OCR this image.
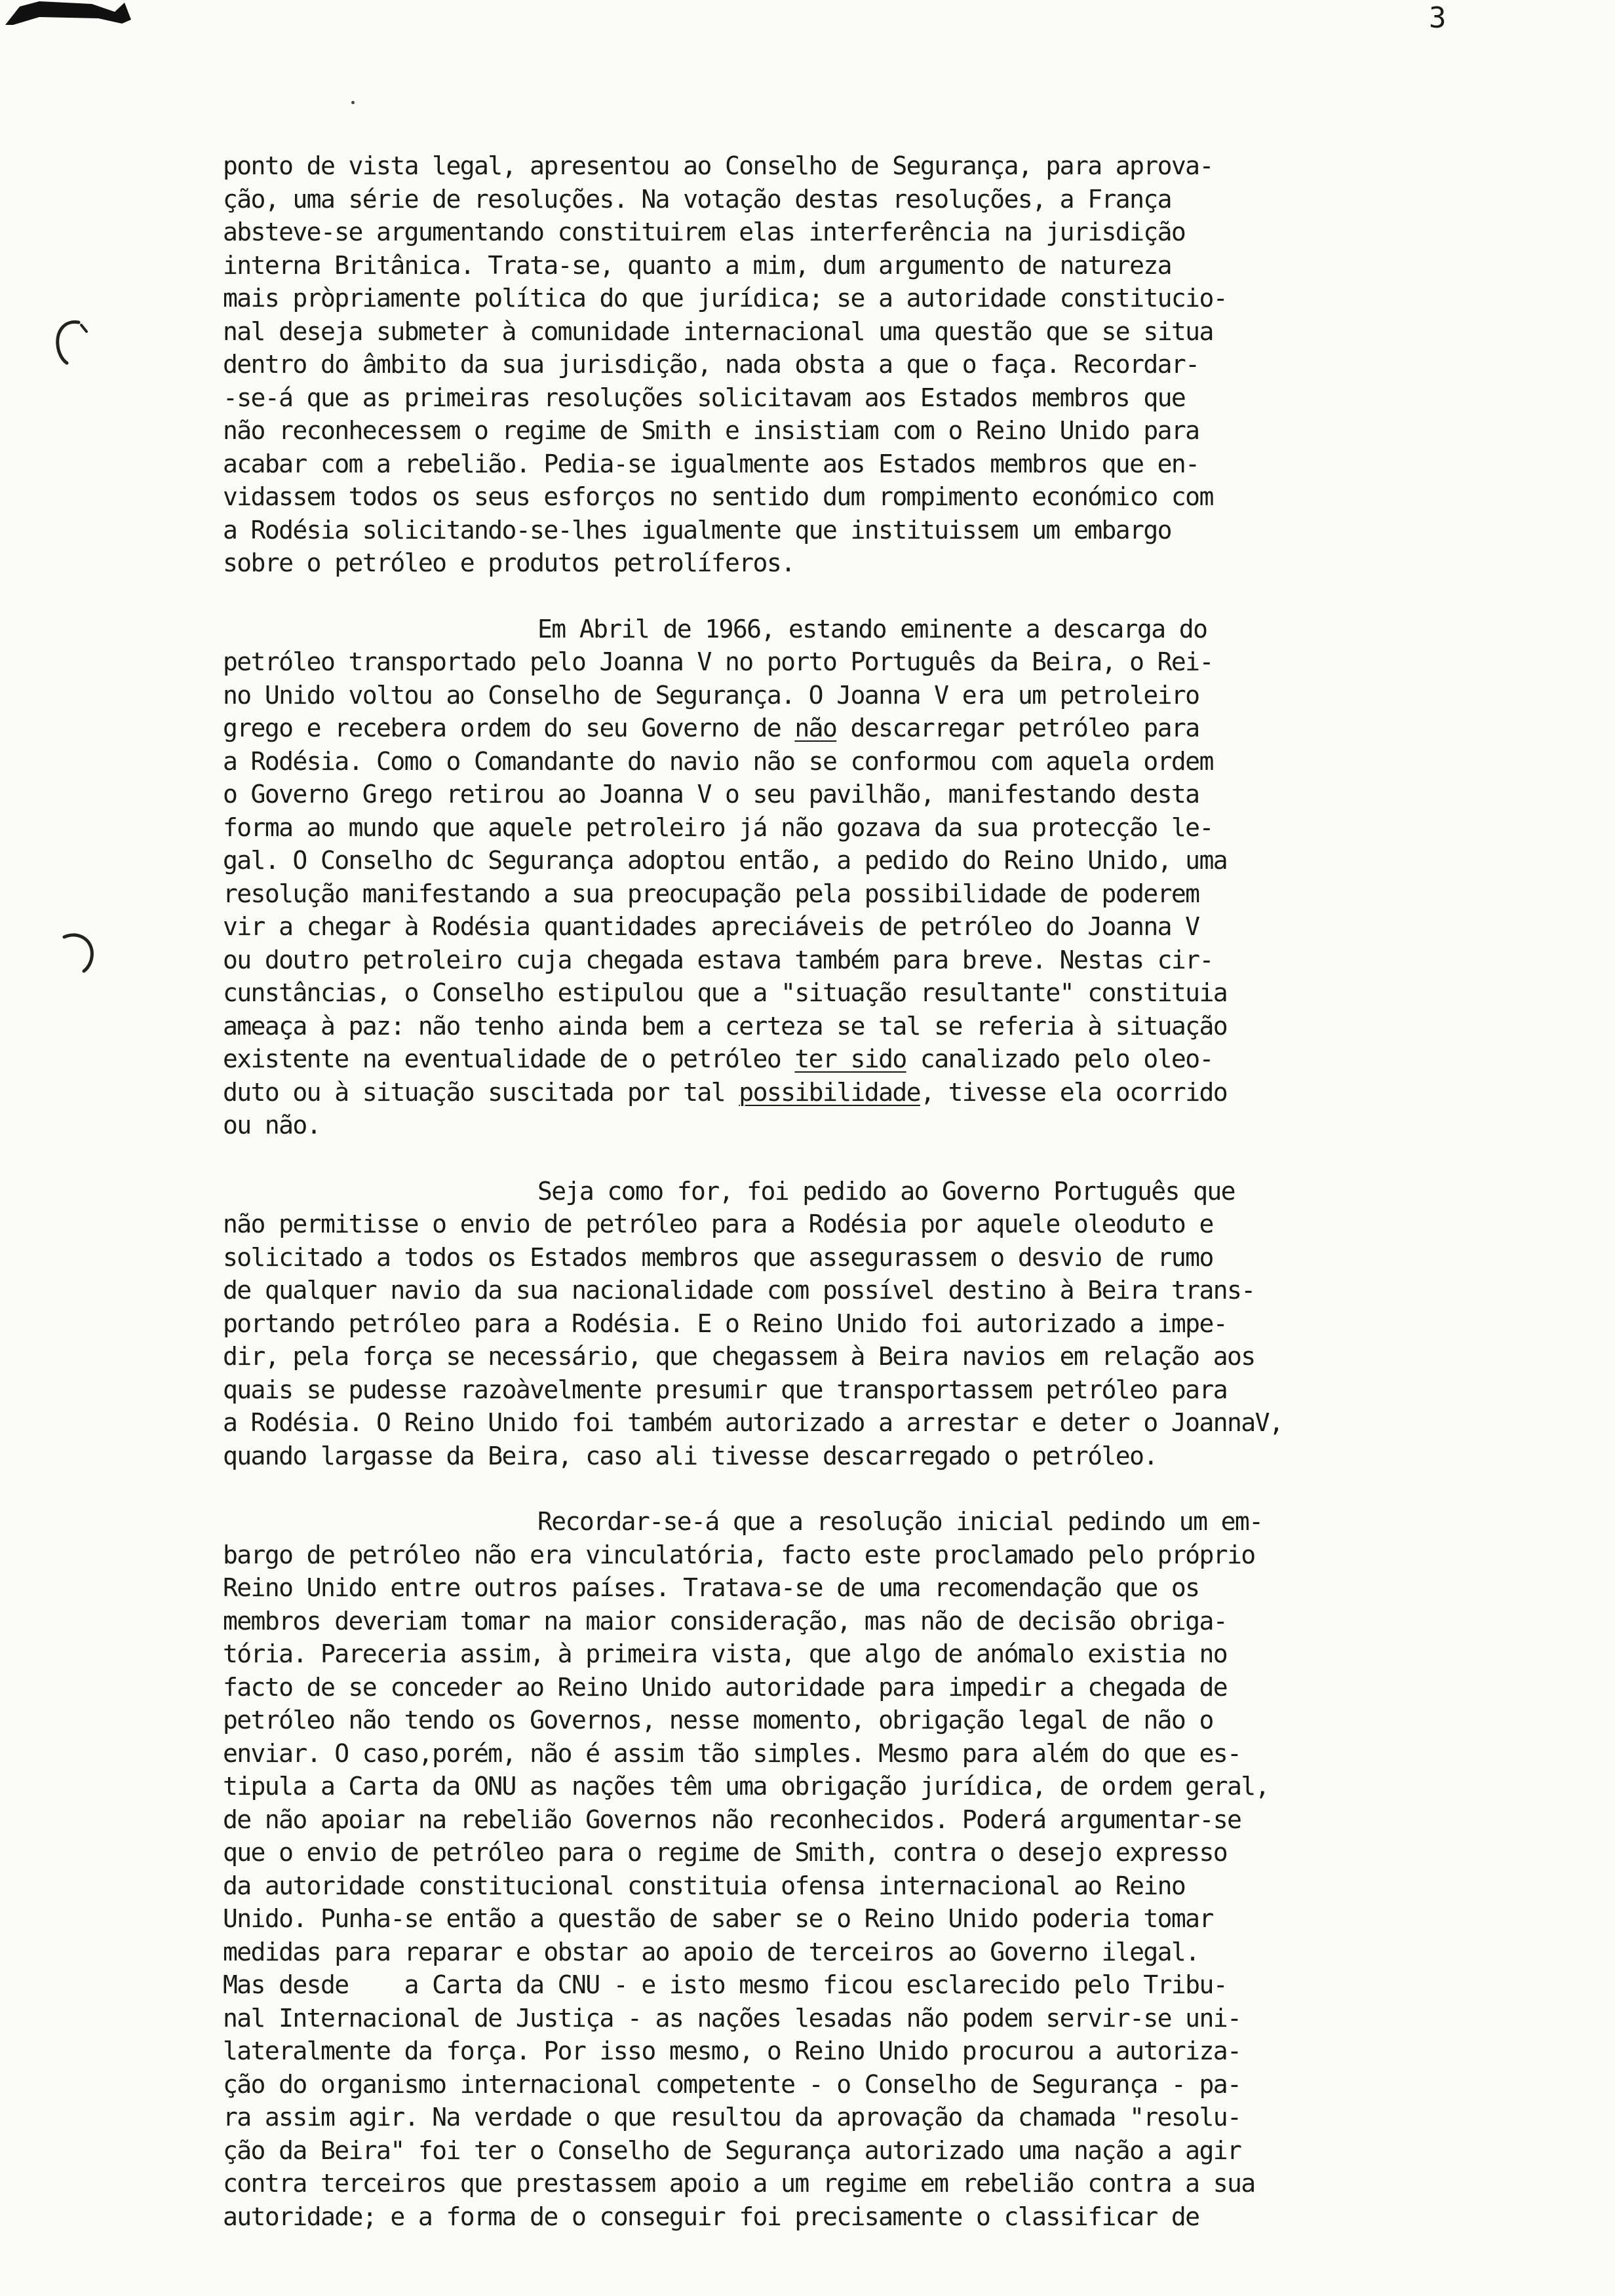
3
ponto de vista legal, apresentou ao Conselho de Segurança, para aprova-
ção, uma série de resoluções. Na votação destas resoluções, a França
absteve-se argumentando constituirem elas interferência na jurisdição
interna Britânica. Trata-se, quanto a mim, dum argumento de natureza
mais pròpriamente política do que jurídica; se a autoridade constitucio-
nal deseja submeter à comunidade internacional uma questão que se situa
dentro do âmbito da sua jurisdição, nada obsta a que o faça. Recordar-
-se-á que as primeiras resoluções solicitavam aos Estados membros que
não reconhecessem o regime de Smith e insistiam com o Reino Unido para
acabar com a rebelião. Pedia-se igualmente aos Estados membros que en-
vidassem todos os seus esforços no sentido dum rompimento económico com
a Rodésia solicitando-se-lhes igualmente que instituissem um embargo
sobre o petróleo e produtos petrolíferos.
Em Abril de 1966, estando eminente a descarga do
petróleo transportado pelo Joanna V no porto Português da Beira, o Rei-
no Unido voltou ao Conselho de Segurança. O Joanna V era um petroleiro
grego e recebera ordem do seu Governo de não descarregar petróleo para
a Rodésia. Como o Comandante do navio não se conformou com aquela ordem
o Governo Grego retirou ao Joanna V o seu pavilhão, manifestando desta
forma ao mundo que aquele petroleiro já não gozava da sua protecção le-
gal. O Conselho dc Segurança adoptou então, a pedido do Reino Unido, uma
resolução manifestando a sua preocupação pela possibilidade de poderem
vir a chegar à Rodésia quantidades apreciáveis de petróleo do Joanna V
ou doutro petroleiro cuja chegada estava também para breve. Nestas cir-
cunstâncias, o Conselho estipulou que a "situação resultante" constituia
ameaça à paz: não tenho ainda bem a certeza se tal se referia à situação
existente na eventualidade de o petróleo ter sido canalizado pelo oleo-
duto ou à situação suscitada por tal possibilidade, tivesse ela ocorrido
ou não.
Seja como for, foi pedido ao Governo Português que
não permitisse o envio de petróleo para a Rodésia por aquele oleoduto e
solicitado a todos os Estados membros que assegurassem o desvio de rumo
de qualquer navio da sua nacionalidade com possível destino à Beira trans-
portando petróleo para a Rodésia. E o Reino Unido foi autorizado a impe-
dir, pela força se necessário, que chegassem à Beira navios em relação aos
quais se pudesse razoàvelmente presumir que transportassem petróleo para
a Rodésia. O Reino Unido foi também autorizado a arrestar e deter o JoannaV,
quando largasse da Beira, caso ali tivesse descarregado o petróleo.
Recordar-se-á que a resolução inicial pedindo um em-
bargo de petróleo não era vinculatória, facto este proclamado pelo próprio
Reino Unido entre outros países. Tratava-se de uma recomendação que os
membros deveriam tomar na maior consideração, mas não de decisão obriga-
tória. Pareceria assim, à primeira vista, que algo de anómalo existia no
facto de se conceder ao Reino Unido autoridade para impedir a chegada de
petróleo não tendo os Governos, nesse momento, obrigação legal de não o
enviar. O caso,porém, não é assim tão simples. Mesmo para além do que es-
tipula a Carta da ONU as nações têm uma obrigação jurídica, de ordem geral,
de não apoiar na rebelião Governos não reconhecidos. Poderá argumentar-se
que o envio de petróleo para o regime de Smith, contra o desejo expresso
da autoridade constitucional constituia ofensa internacional ao Reino
Unido. Punha-se então a questão de saber se o Reino Unido poderia tomar
medidas para reparar e obstar ao apoio de terceiros ao Governo ilegal.
Mas desde    a Carta da CNU - e isto mesmo ficou esclarecido pelo Tribu-
nal Internacional de Justiça - as nações lesadas não podem servir-se uni-
lateralmente da força. Por isso mesmo, o Reino Unido procurou a autoriza-
ção do organismo internacional competente - o Conselho de Segurança - pa-
ra assim agir. Na verdade o que resultou da aprovação da chamada "resolu-
ção da Beira" foi ter o Conselho de Segurança autorizado uma nação a agir
contra terceiros que prestassem apoio a um regime em rebelião contra a sua
autoridade; e a forma de o conseguir foi precisamente o classificar de
